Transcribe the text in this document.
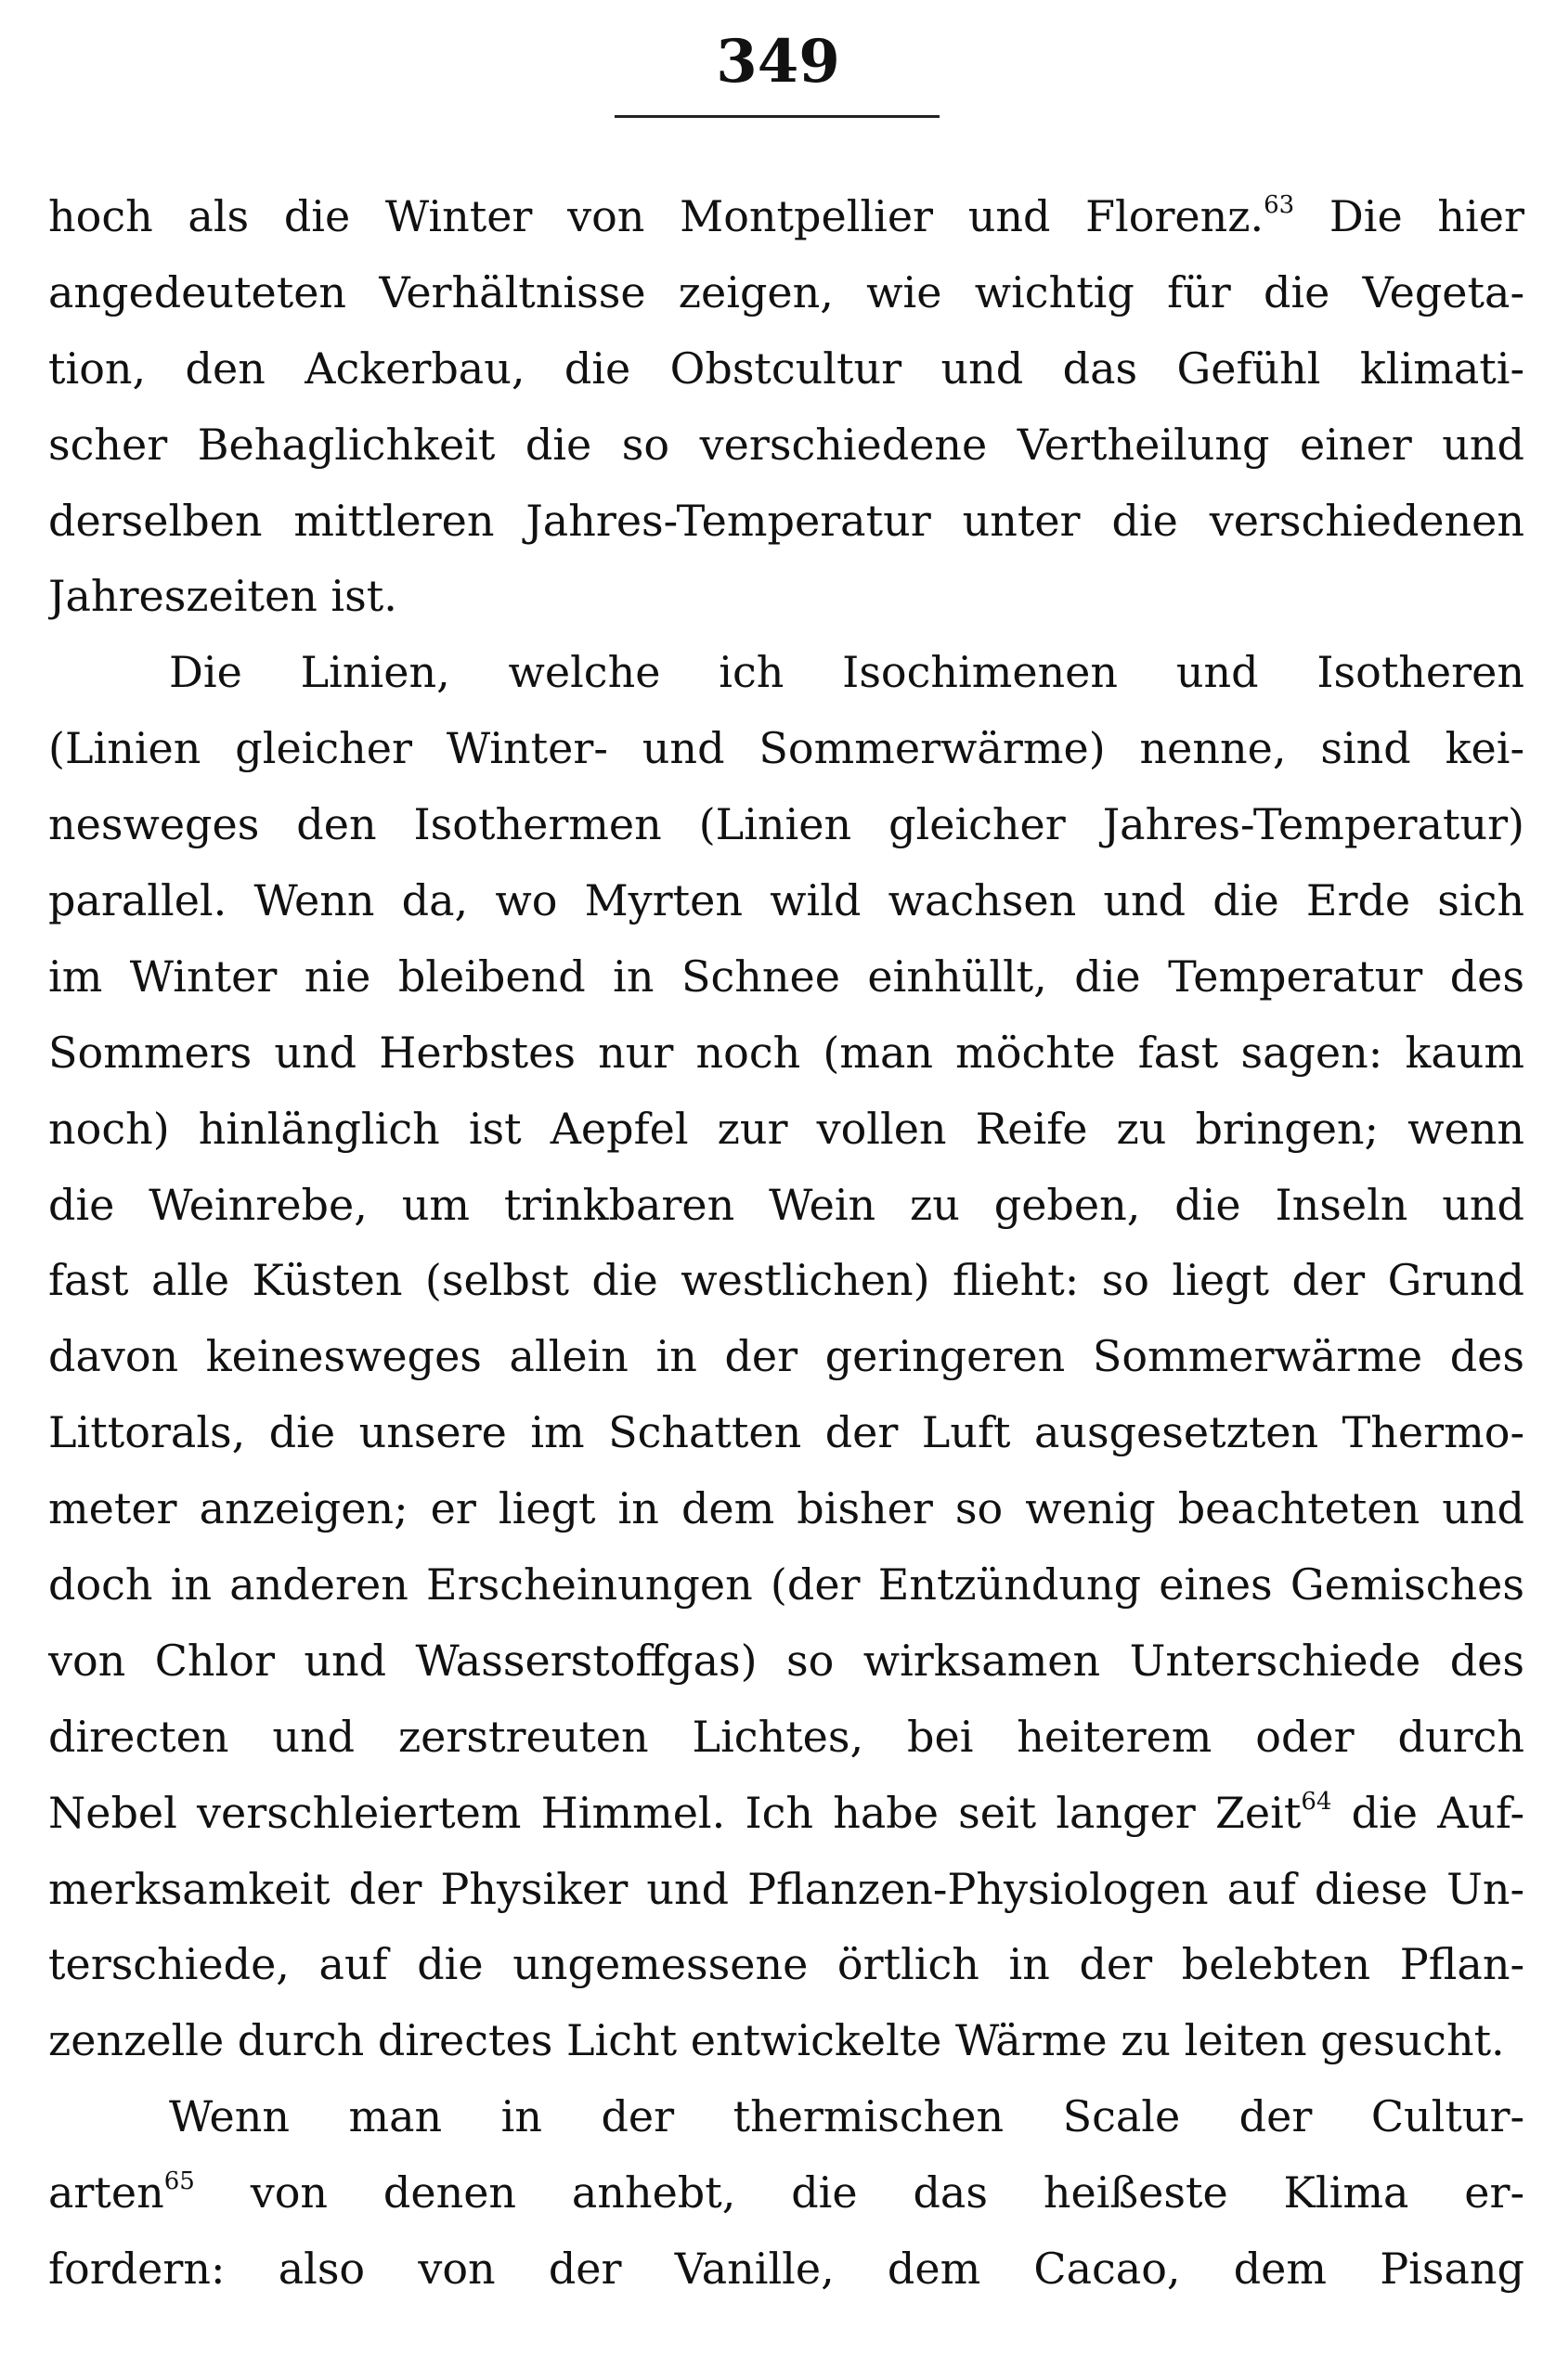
349
hoch als die Winter von Montpellier und Florenz.$^{63}$ Die hier
angedeuteten Verhältnisse zeigen, wie wichtig für die Vegeta-
tion, den Ackerbau, die Obstcultur und das Gefühl klimati-
scher Behaglichkeit die so verschiedene Vertheilung einer und
derselben mittleren Jahres-Temperatur unter die verschiedenen
Jahreszeiten ist.
Die Linien, welche ich Isochimenen und Isotheren
(Linien gleicher Winter- und Sommerwärme) nenne, sind kei-
nesweges den Isothermen (Linien gleicher Jahres-Temperatur)
parallel. Wenn da, wo Myrten wild wachsen und die Erde sich
im Winter nie bleibend in Schnee einhüllt, die Temperatur des
Sommers und Herbstes nur noch (man möchte fast sagen: kaum
noch) hinlänglich ist Aepfel zur vollen Reife zu bringen; wenn
die Weinrebe, um trinkbaren Wein zu geben, die Inseln und
fast alle Küsten (selbst die westlichen) flieht: so liegt der Grund
davon keinesweges allein in der geringeren Sommerwärme des
Littorals, die unsere im Schatten der Luft ausgesetzten Thermo-
meter anzeigen; er liegt in dem bisher so wenig beachteten und
doch in anderen Erscheinungen (der Entzündung eines Gemisches
von Chlor und Wasserstoffgas) so wirksamen Unterschiede des
directen und zerstreuten Lichtes, bei heiterem oder durch
Nebel verschleiertem Himmel. Ich habe seit langer Zeit$^{64}$ die Auf-
merksamkeit der Physiker und Pflanzen-Physiologen auf diese Un-
terschiede, auf die ungemessene örtlich in der belebten Pflan-
zenzelle durch directes Licht entwickelte Wärme zu leiten gesucht.
Wenn man in der thermischen Scale der Cultur-
arten$^{65}$ von denen anhebt, die das heißeste Klima er-
fordern: also von der Vanille, dem Cacao, dem Pisang
